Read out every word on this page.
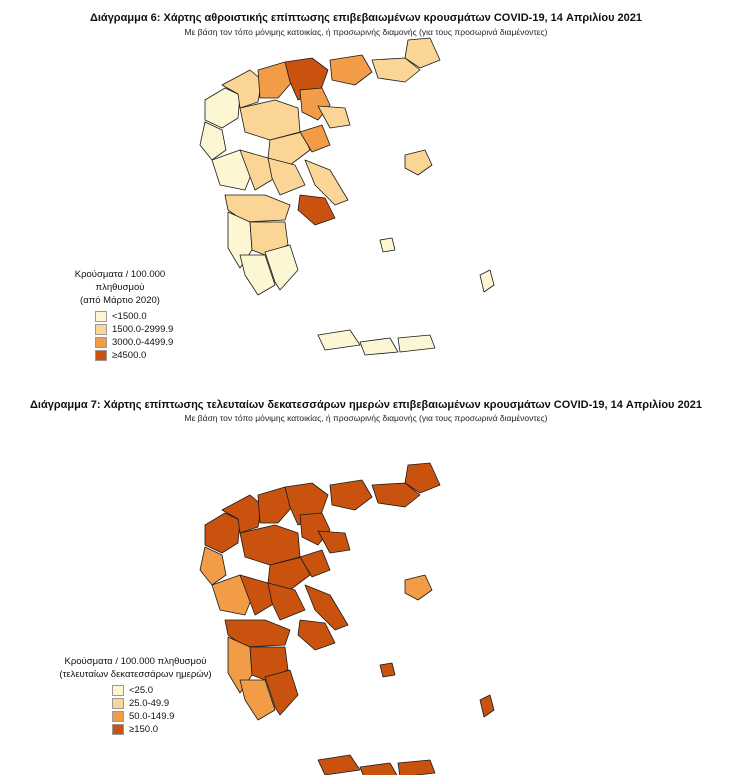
Διάγραμμα 6: Χάρτης αθροιστικής επίπτωσης επιβεβαιωμένων κρουσμάτων COVID-19, 14 Απριλίου 2021
Με βάση τον τόπο μόνιμης κατοικίας, ή προσωρινής διαμονής (για τους προσωρινά διαμένοντες)
Κρούσματα / 100.000 πληθυσμού
(από Μάρτιο 2020)
<1500.0
1500.0-2999.9
3000.0-4499.9
≥4500.0
Διάγραμμα 7: Χάρτης επίπτωσης τελευταίων δεκατεσσάρων ημερών επιβεβαιωμένων κρουσμάτων COVID-19, 14 Απριλίου 2021
Με βάση τον τόπο μόνιμης κατοικίας, ή προσωρινής διαμονής (για τους προσωρινά διαμένοντες)
Κρούσματα / 100.000 πληθυσμού
(τελευταίων δεκατεσσάρων ημερών)
<25.0
25.0-49.9
50.0-149.9
≥150.0
